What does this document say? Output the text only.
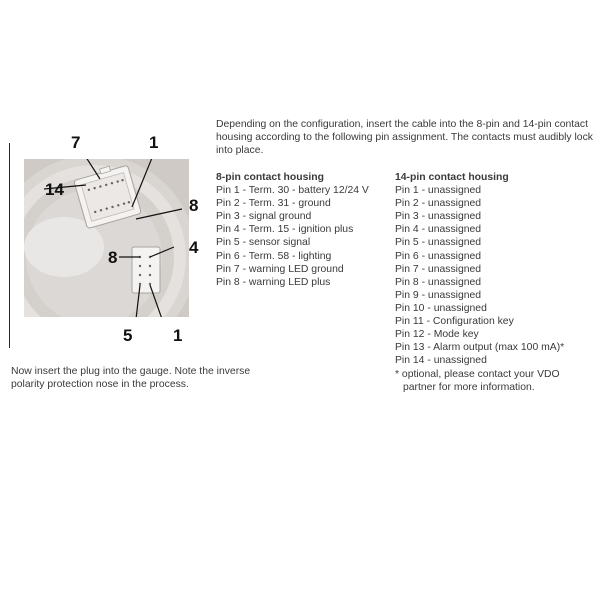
7	1
14
8
8
4
5 1
Now insert the plug into the gauge. Note the inverse polarity protection nose in the process.
Depending on the configuration, insert the cable into the 8-pin and 14-pin contact housing according to the following pin assignment. The contacts must audibly lock into place.

8-pin contact housing

Pin 1 - Term. 30 - battery 12/24 V

Pin 2 - Term. 31 - ground

Pin 3 - signal ground

Pin 4 - Term. 15 - ignition plus

Pin 5 - sensor signal

Pin 6 - Term. 58 - lighting

Pin 7 - warning LED ground

Pin 8 - warning LED plus

14-pin contact housing

Pin 1 - unassigned

Pin 2 - unassigned

Pin 3 - unassigned

Pin 4 - unassigned

Pin 5 - unassigned

Pin 6 - unassigned

Pin 7 - unassigned

Pin 8 - unassigned

Pin 9 - unassigned

Pin 10 - unassigned

Pin 11 - Configuration key

Pin 12 - Mode key

Pin 13 - Alarm output (max 100 mA)*

Pin 14 - unassigned

* optional, please contact your VDO
partner for more information.
